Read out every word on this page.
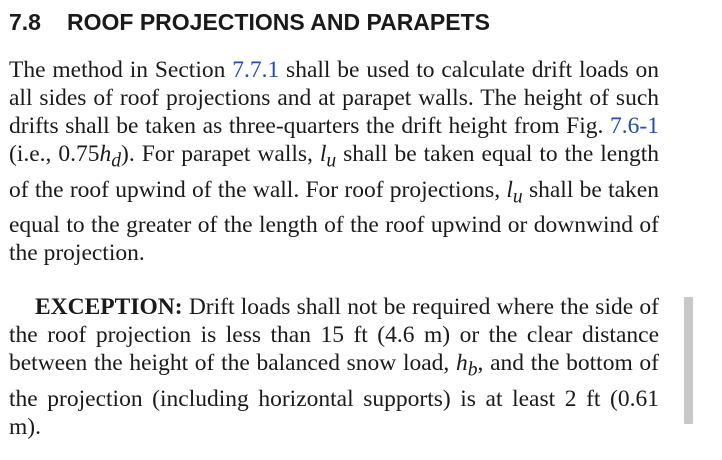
7.8 ROOF PROJECTIONS AND PARAPETS

The method in Section 7.7.1 shall be used to calculate drift loads on all sides of roof projections and at parapet walls. The height of such drifts shall be taken as three-quarters the drift height from Fig. 7.6-1 (i.e., $0.75h_d$). For parapet walls, $l_u$ shall be taken equal to the length of the roof upwind of the wall. For roof projections, $l_u$ shall be taken equal to the greater of the length of the roof upwind or downwind of the projection.

EXCEPTION: Drift loads shall not be required where the side of the roof projection is less than 15 ft (4.6 m) or the clear distance between the height of the balanced snow load, $h_b$, and the bottom of the projection (including horizontal supports) is at least 2 ft (0.61 m).
